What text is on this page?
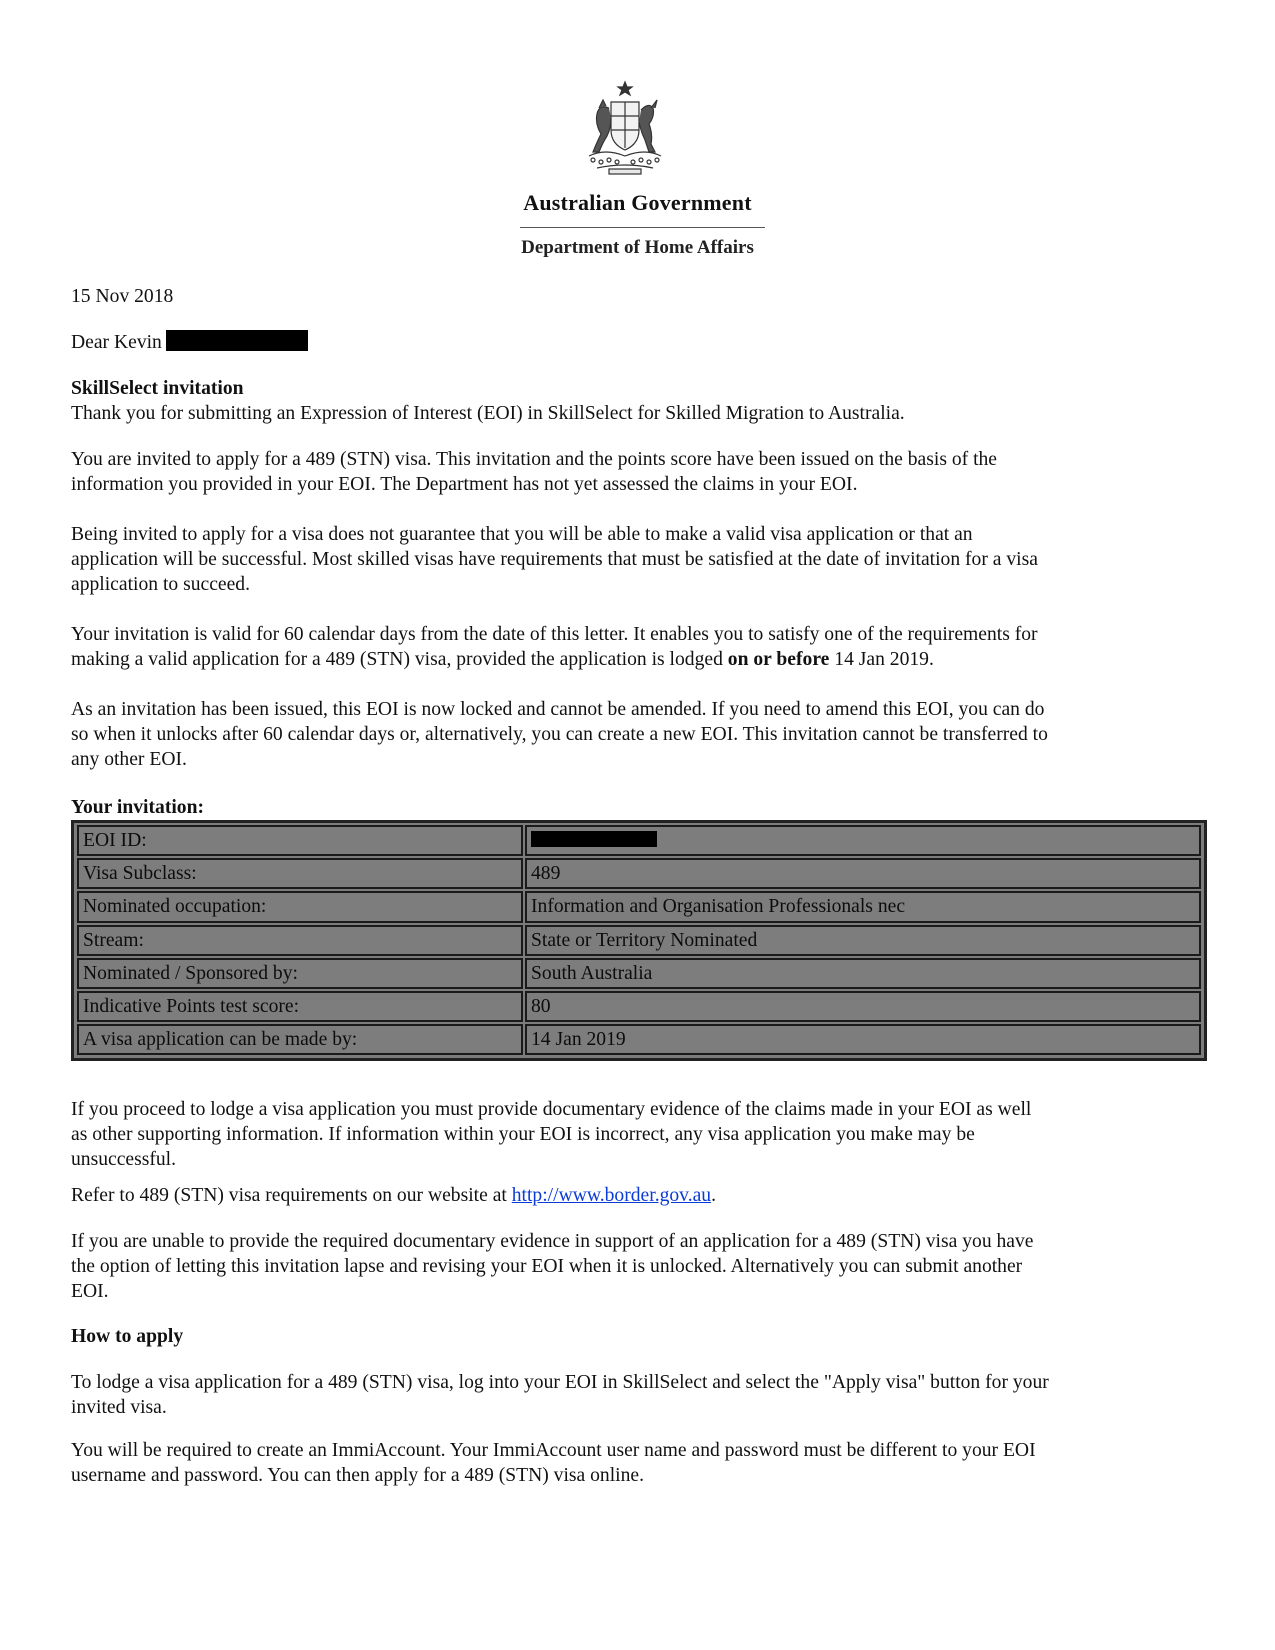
Australian Government
Department of Home Affairs
15 Nov 2018
Dear Kevin

SkillSelect invitation

Thank you for submitting an Expression of Interest (EOI) in SkillSelect for Skilled Migration to Australia.

You are invited to apply for a 489 (STN) visa. This invitation and the points score have been issued on the basis of the

information you provided in your EOI. The Department has not yet assessed the claims in your EOI.

Being invited to apply for a visa does not guarantee that you will be able to make a valid visa application or that an

application will be successful. Most skilled visas have requirements that must be satisfied at the date of invitation for a visa

application to succeed.

Your invitation is valid for 60 calendar days from the date of this letter. It enables you to satisfy one of the requirements for

making a valid application for a 489 (STN) visa, provided the application is lodged on or before 14 Jan 2019.

As an invitation has been issued, this EOI is now locked and cannot be amended. If you need to amend this EOI, you can do

so when it unlocks after 60 calendar days or, alternatively, you can create a new EOI. This invitation cannot be transferred to

any other EOI.

Your invitation:
EOI ID:
Visa Subclass:	489
Nominated occupation:	Information and Organisation Professionals nec
Stream:	State or Territory Nominated
Nominated / Sponsored by:	South Australia
Indicative Points test score:	80
A visa application can be made by:	14 Jan 2019

If you proceed to lodge a visa application you must provide documentary evidence of the claims made in your EOI as well

as other supporting information. If information within your EOI is incorrect, any visa application you make may be

unsuccessful.

Refer to 489 (STN) visa requirements on our website at http://www.border.gov.au.

If you are unable to provide the required documentary evidence in support of an application for a 489 (STN) visa you have

the option of letting this invitation lapse and revising your EOI when it is unlocked. Alternatively you can submit another

EOI.

How to apply

To lodge a visa application for a 489 (STN) visa, log into your EOI in SkillSelect and select the "Apply visa" button for your

invited visa.

You will be required to create an ImmiAccount. Your ImmiAccount user name and password must be different to your EOI

username and password. You can then apply for a 489 (STN) visa online.
